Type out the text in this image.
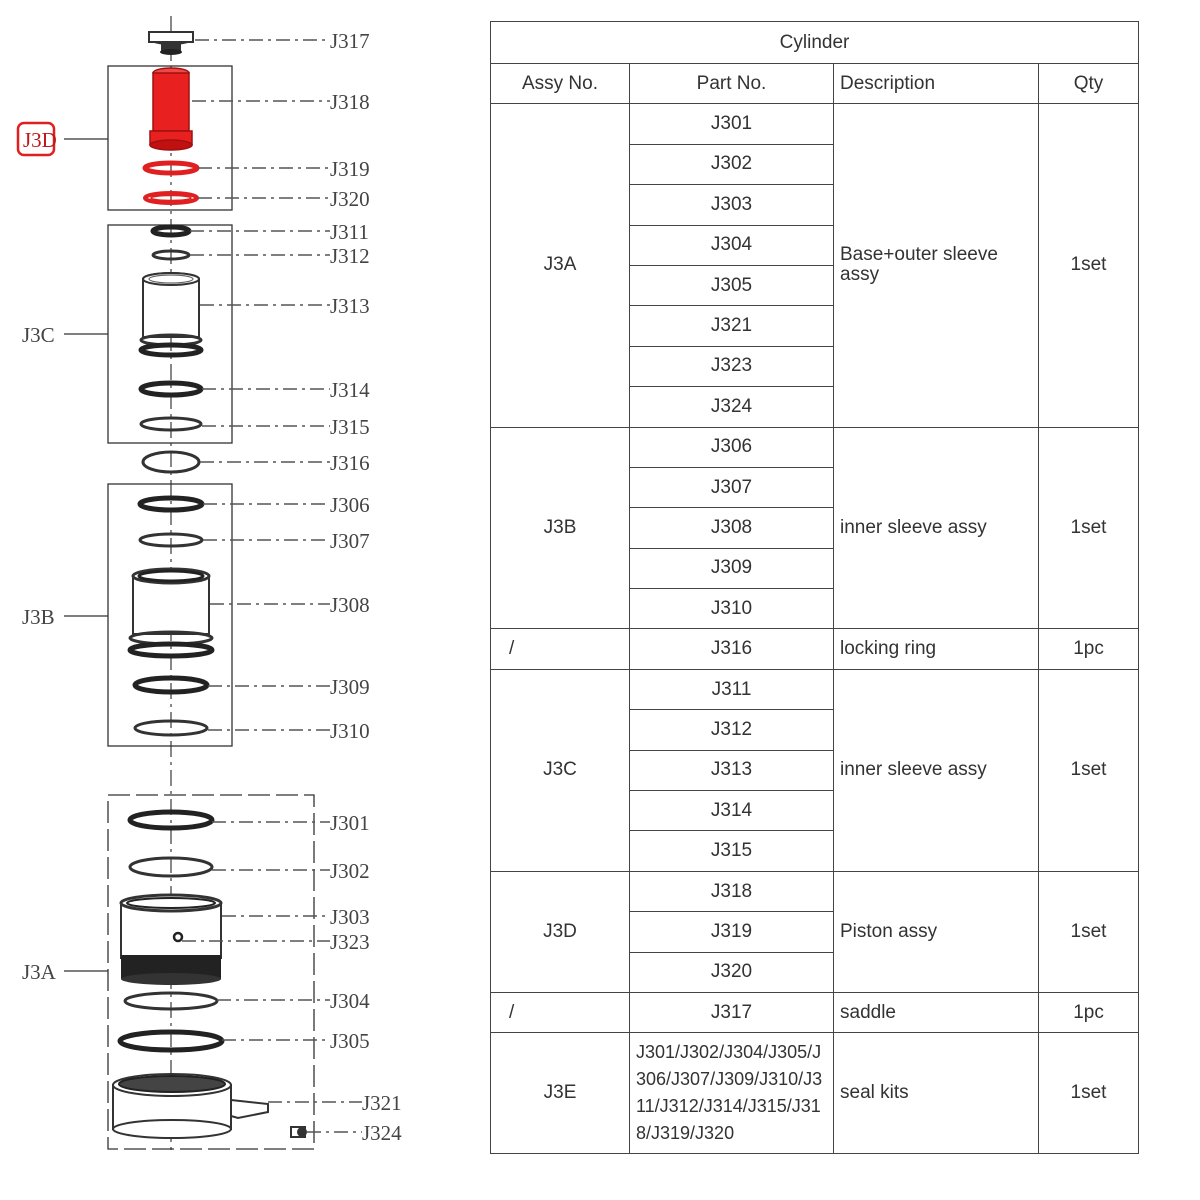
J3D
J3C
J3B
J3A
J317
J318
J319
J320
J311
J312
J313
J314
J315
J316
J306
J307
J308
J309
J310
J301
J302
J303
J323
J304
J305
J321
J324
Cylinder			
Assy No.	Part No.	Description	Qty
J3A	J301	Base+outer sleeve assy	1set
	J302		
	J303		
	J304		
	J305		
	J321		
	J323		
	J324		
J3B	J306	inner sleeve assy	1set
	J307		
	J308		
	J309		
	J310		
/	J316	locking ring	1pc
J3C	J311	inner sleeve assy	1set
	J312		
	J313		
	J314		
	J315		
J3D	J318	Piston assy	1set
	J319		
	J320		
/	J317	saddle	1pc
J3E	J301/J302/J304/J305/J
306/J307/J309/J310/J3
11/J312/J314/J315/J31
8/J319/J320	seal kits	1set
